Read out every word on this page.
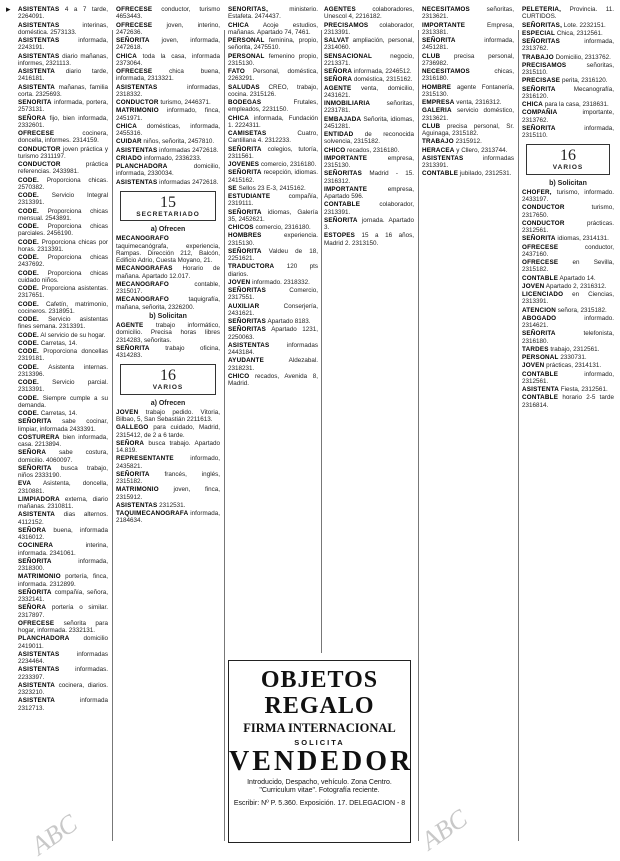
▸ ASISTENTAS 4 a 7 tarde, 2264091.
ASISTENTAS interinas, doméstica. 2573133.
ASISTENTAS informada, 2243191.
ASISTENTAS diario mañanas, informes, 2321113.
ASISTENTA diario tarde, 2416181.
ASISTENTA mañanas, familia corta. 2325693.
SENORITA informada, portera, 2573131.
SEÑORA fijo, bien informada, 2332601.
OFRECESE cocinera, doncella, informes. 2314159.
CONDUCTOR joven práctica y turismo 2311197.
CONDUCTOR práctica referencias. 2433981.
CODE. Proporciona chicas. 2570382.
CODE. Servicio Integral 2313391.
CODE. Proporciona chicas mensual. 2543891.
CODE. Proporciona chicas parciales. 2456190.
CODE. Proporciona chicas por horas. 2313391.
CODE. Proporciona chicas 2437692.
CODE. Proporciona chicas cuidado niños.
CODE. Proporciona asistentas. 2317651.
CODE. Cafetín, matrimonio, cocineros. 2318951.
CODE. Servicio asistentas fines semana. 2313391.
CODE. Al servicio de su hogar.
CODE. Carretas, 14.
CODE. Proporciona doncellas 2319181.
CODE. Asistenta internas. 2313396.
CODE. Servicio parcial. 2313391.
CODE. Siempre cumple a su demanda.
CODE. Carretas, 14.
SEÑORITA sabe cocinar, limpiar, informada 2433391.
COSTURERA bien informada, casa. 2213894.
SEÑORA sabe costura, domicilio. 4060097.
SEÑORITA busca trabajo, niños 2333190.
EVA Asistenta, doncella, 2310881.
LIMPIADORA externa, diario mañanas. 2310811.
ASISTENTA dias alternos. 4112152.
SEÑORA buena, informada 4316012.
COCINERA interina, informada. 2341061.
SEÑORITA informada, 2318300.
MATRIMONIO portería, finca, informada. 2312899.
SEÑORITA compañía, señora, 2332141.
SEÑORA portería o similar. 2317897.
OFRECESE señorita para hogar, informada. 2332131.
PLANCHADORA domicilio 2419011.
ASISTENTAS informadas 2234464.
ASISTENTAS informadas. 2233397.
ASISTENTA cocinera, diarios. 2323210.
ASISTENTA informada 2312713.
OFRECESE conductor, turismo 4653443.
OFRECESE joven, interino, 2472636.
SEÑORITA joven, informada, 2472618.
CHICA toda la casa, informada 2373064.
OFRECESE chica buena, informada, 2313321.
ASISTENTAS informadas, 2318332.
CONDUCTOR turismo, 2446371.
MATRIMONIO informado, finca, 2451971.
CHICA domésticas, informada, 2455316.
CUIDAR niños, señorita, 2457810.
ASISTENTAS informadas 2472618.
CRIADO informado, 2336233.
PLANCHADORA domicilio, informada, 2330034.
ASISTENTAS informadas 2472618.
15
SECRETARIADO
a) Ofrecen
MECANOGRAFO taquimecanógrafa, experiencia, Rampas. Dirección 212, Balcón, Edificio Adrio, Cuesta Moyano, 21.
MECANOGRAFAS Horario de mañana. Apartado 12.017.
MECANOGRAFO contable, 2315017.
MECANOGRAFO taquigrafía, mañana, señorita, 2326200.
b) Solicitan
AGENTE trabajo informático, domicilio. Precisa horas libres 2314283, señoritas.
SEÑORITA trabajo oficina, 4314283.
16
VARIOS
a) Ofrecen
JOVEN trabajo pedido. Vitoria, Bilbao, 5, San Sebastián 2211613.
GALLEGO para cuidado, Madrid, 2315412, de 2 a 6 tarde.
SEÑORA busca trabajo. Apartado 14.819.
REPRESENTANTE informado, 2435821.
SEÑORITA francés, inglés, 2315182.
MATRIMONIO joven, finca, 2315912.
ASISTENTAS 2312531.
TAQUIMECANOGRAFA informada, 2184634.
SEÑORITAS, ministerio. Estafeta. 2474437.
CHICA Acoje estudios, mañanas. Apartado 74, 7461.
PERSONAL feminina, propio, señorita, 2475510.
PERSONAL femenino propio, 2315130.
FATO Personal, doméstica, 2263291.
SALUDAS CREO, trabajo, cocina. 2315126.
BODEGAS Frutales, empleados, 2231150.
CHICA informada, Fundación 1. 2224311.
CAMISETAS Cuatro, Cantillana 4. 2312233.
SEÑORITA colegios, tutoría, 2311561.
JOVENES comercio, 2316180.
SEÑORITA recepción, idiomas. 2415162.
SE Sellos 23 E-3, 2415162.
ESTUDIANTE compañía, 2319111.
SEÑORITA idiomas, Galería 35, 2452621.
CHICOS comercio, 2316180.
HOMBRES experiencia. 2315130.
SEÑORITA Valdeu de 18, 2251621.
TRADUCTORA 120 pts diarios.
JOVEN informado. 2318332.
SEÑORITAS Comercio, 2317551.
AUXILIAR Conserjería, 2431621.
SEÑORITAS Apartado 8183.
SEÑORITAS Apartado 1231, 2250063.
ASISTENTAS informadas 2443184.
AYUDANTE Aldezabal. 2318231.
CHICO recados, Avenida 8, Madrid.
AGENTES colaboradores, Unescol 4, 2216182.
PRECISAMOS colaborador, 2313391.
SALVAT ampliación, personal, 2314060.
SENSACIONAL negocio, 2213371.
SEÑORA informada, 2246512.
SEÑORA doméstica, 2315162.
AGENTE venta, domicilio, 2431621.
INMOBILIARIA señoritas, 2231781.
EMBAJADA Señorita, idiomas, 2451281.
ENTIDAD de reconocida solvencia, 2315182.
CHICO recados, 2316180.
IMPORTANTE empresa, 2315130.
SEÑORITAS Madrid - 15. 2316312.
IMPORTANTE empresa, Apartado 596.
CONTABLE colaborador, 2313391.
SEÑORITA jornada. Apartado 3.
ESTOPES 15 a 16 años, Madrid 2. 2313150.
NECESITAMOS señoritas, 2313621.
IMPORTANTE Empresa, 2313381.
SEÑORITA informada, 2451281.
CLUB precisa personal, 2736982.
NECESITAMOS chicas, 2316180.
HOMBRE agente Fontanería, 2315130.
EMPRESA venta, 2316312.
GALERIA servicio doméstico, 2313621.
CLUB precisa personal, Sr. Aguinaga, 2315182.
TRABAJO 2315912.
HERACEA y Cllero, 2313744.
ASISTENTAS informadas 2313391.
CONTABLE jubilado, 2312531.
PELETERIA, Provincia. 11. CURTIDOS.
SEÑORITAS, Lote. 2232151.
ESPECIAL Chica, 2312561.
SEÑORITAS informada, 2313762.
TRABAJO Domicilio, 2313762.
PRECISAMOS señoritas, 2315110.
PRECISASE perita, 2316120.
SEÑORITA Mecanografía, 2316120.
CHICA para la casa, 2318631.
COMPAÑIA importante, 2313762.
SEÑORITA informada, 2315110.
16
VARIOS
b) Solicitan
CHOFER, turismo, informado. 2433197.
CONDUCTOR turismo, 2317650.
CONDUCTOR prácticas. 2312561.
SEÑORITA idiomas, 2314131.
OFRECESE conductor, 2437160.
OFRECESE en Sevilla, 2315182.
CONTABLE Apartado 14.
JOVEN Apartado 2, 2316312.
LICENCIADO en Ciencias, 2313391.
ATENCION señora, 2315182.
ABOGADO informado. 2314621.
SEÑORITA telefonista, 2316180.
TARDES trabajo, 2312561.
PERSONAL 2330731.
JOVEN prácticas, 2314131.
CONTABLE informado, 2312561.
ASISTENTA Fiesta, 2312561.
CONTABLE horario 2-5 tarde 2316814.
OBJETOS REGALO
FIRMA INTERNACIONAL
SOLICITA
VENDEDOR
Introducido, Despacho, vehículo. Zona Centro. "Curriculum vitae". Fotografía reciente.
Escribir: Nº P. 5.360. Exposición. 17. DELEGACION - 8
ABC
ABC
